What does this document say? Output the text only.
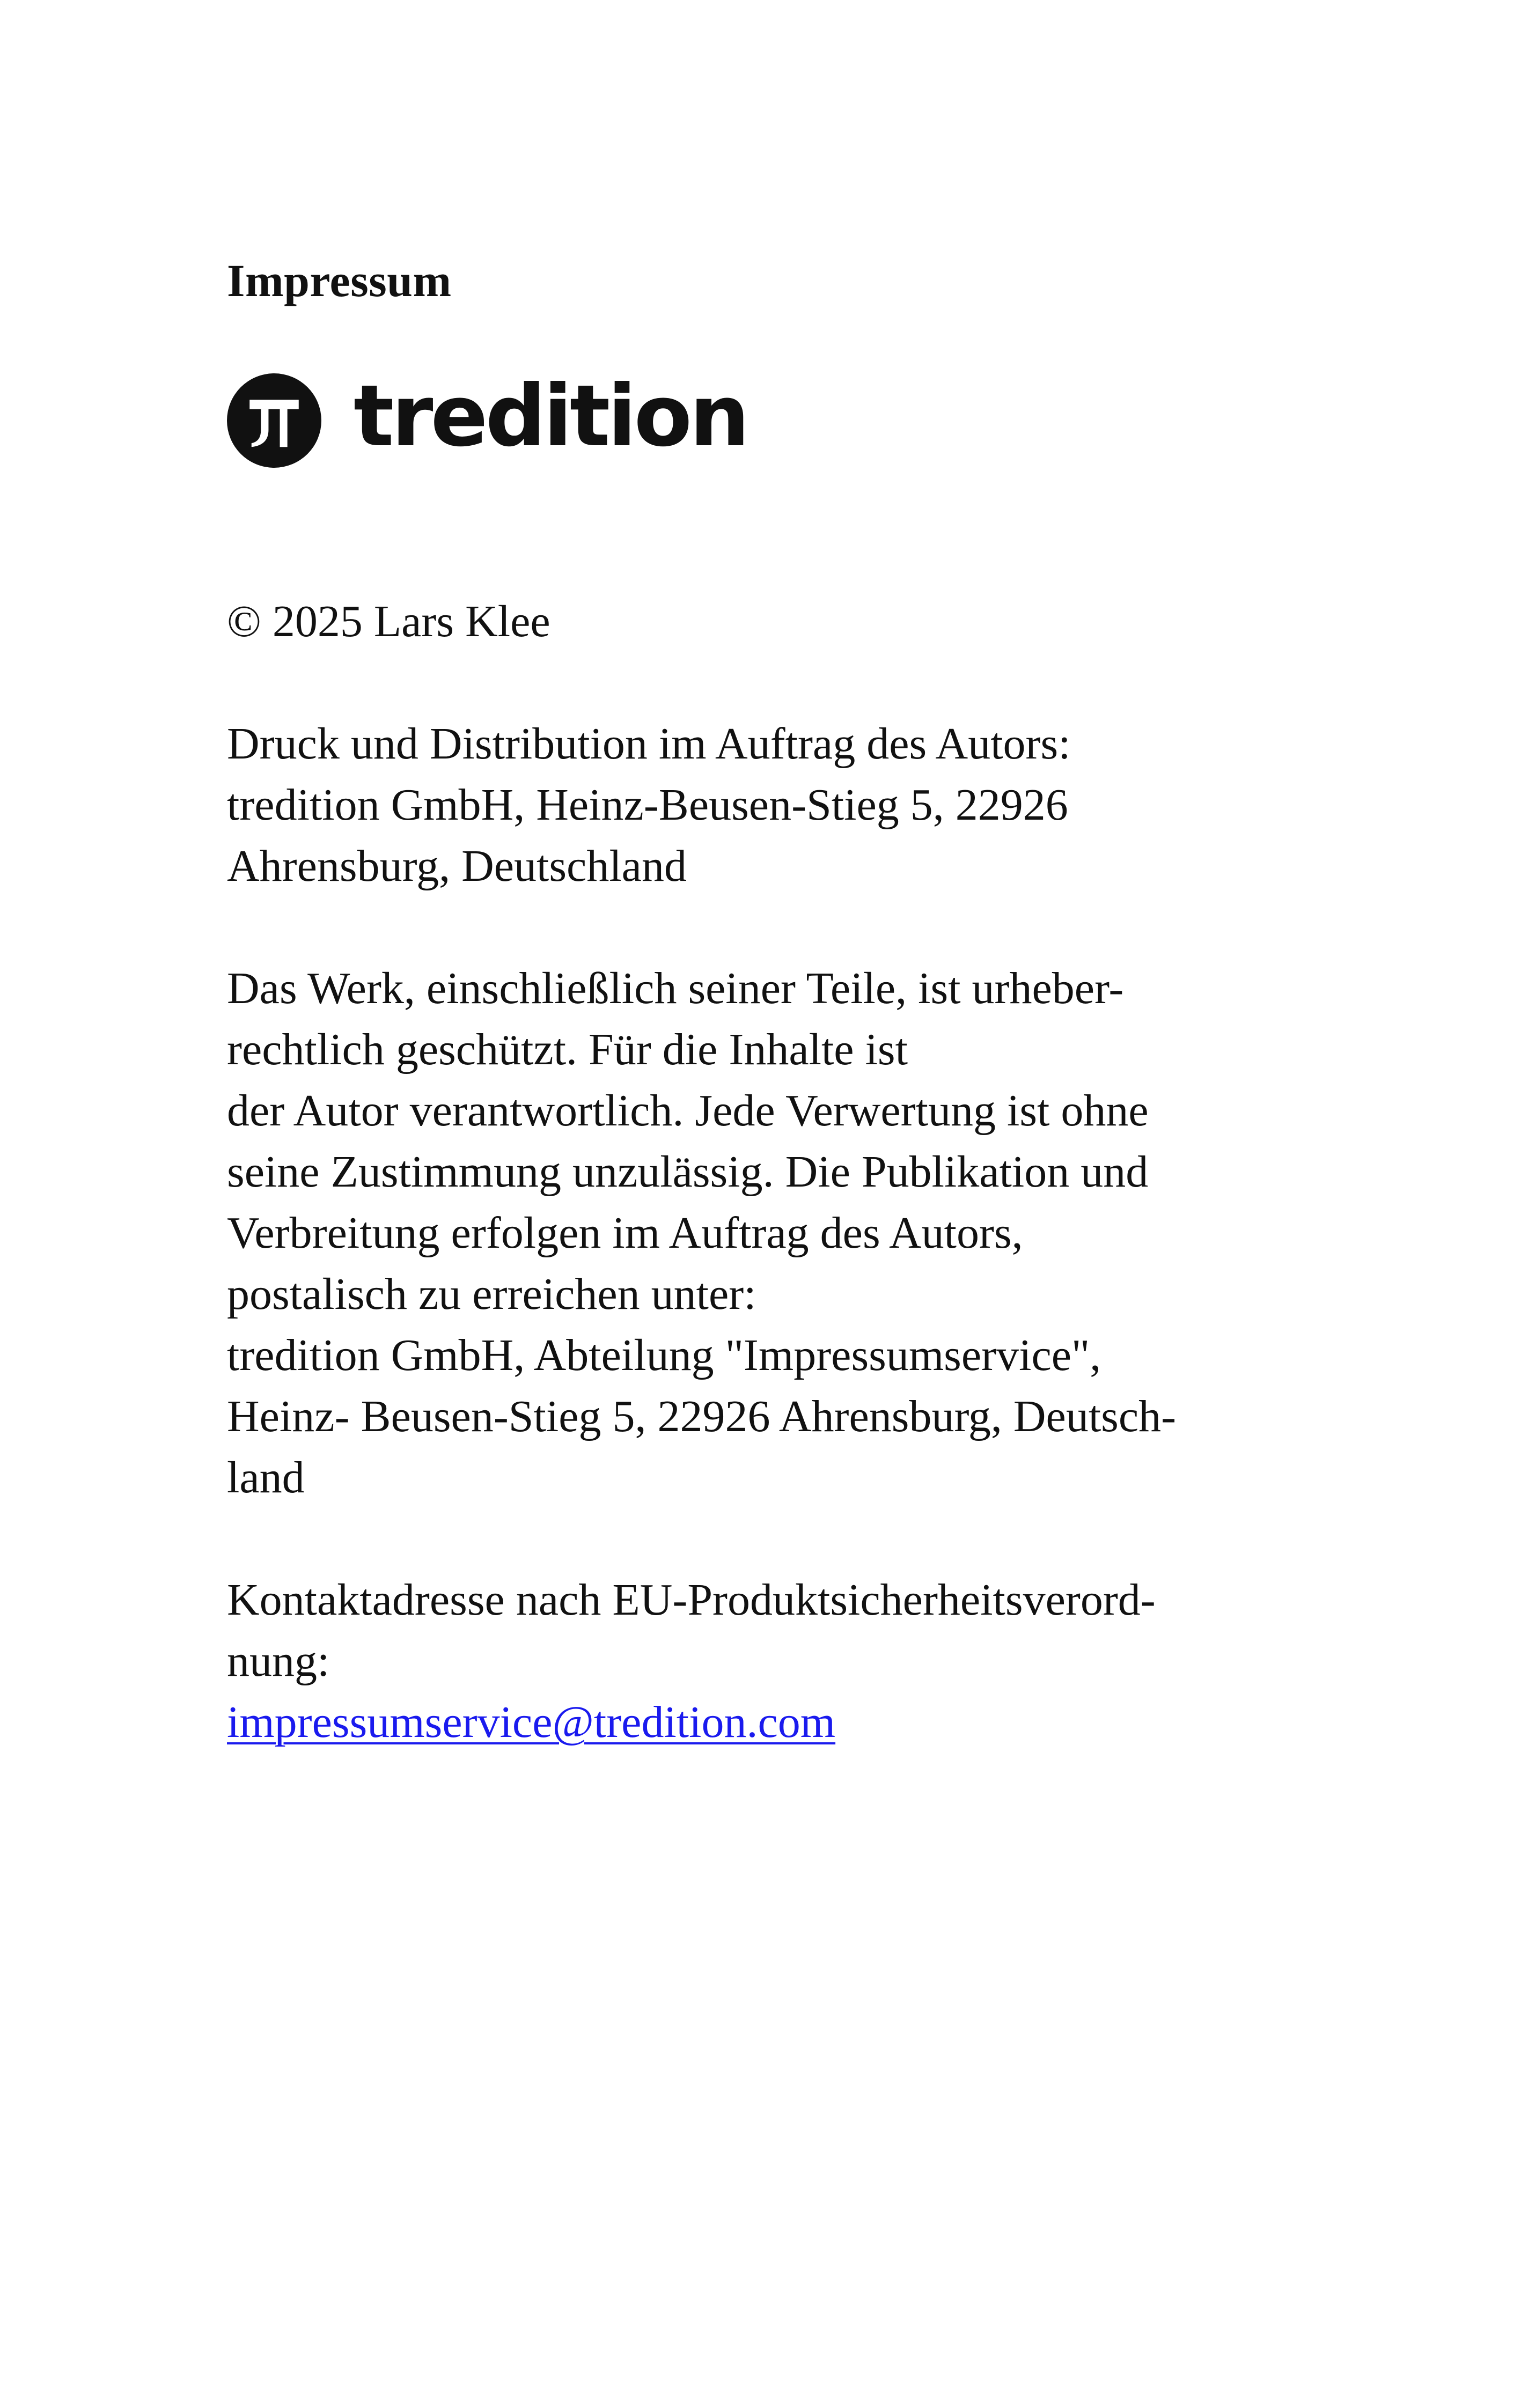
Impressum
tredition

© 2025 Lars Klee

Druck und Distribution im Auftrag des Autors:
tredition GmbH, Heinz-Beusen-Stieg 5, 22926
Ahrensburg, Deutschland

Das Werk, einschließlich seiner Teile, ist urheber-
rechtlich geschützt. Für die Inhalte ist
der Autor verantwortlich. Jede Verwertung ist ohne
seine Zustimmung unzulässig. Die Publikation und
Verbreitung erfolgen im Auftrag des Autors,
postalisch zu erreichen unter:
tredition GmbH, Abteilung "Impressumservice",
Heinz- Beusen-Stieg 5, 22926 Ahrensburg, Deutsch-
land

Kontaktadresse nach EU-Produktsicherheitsverord-
nung:
impressumservice@tredition.com
